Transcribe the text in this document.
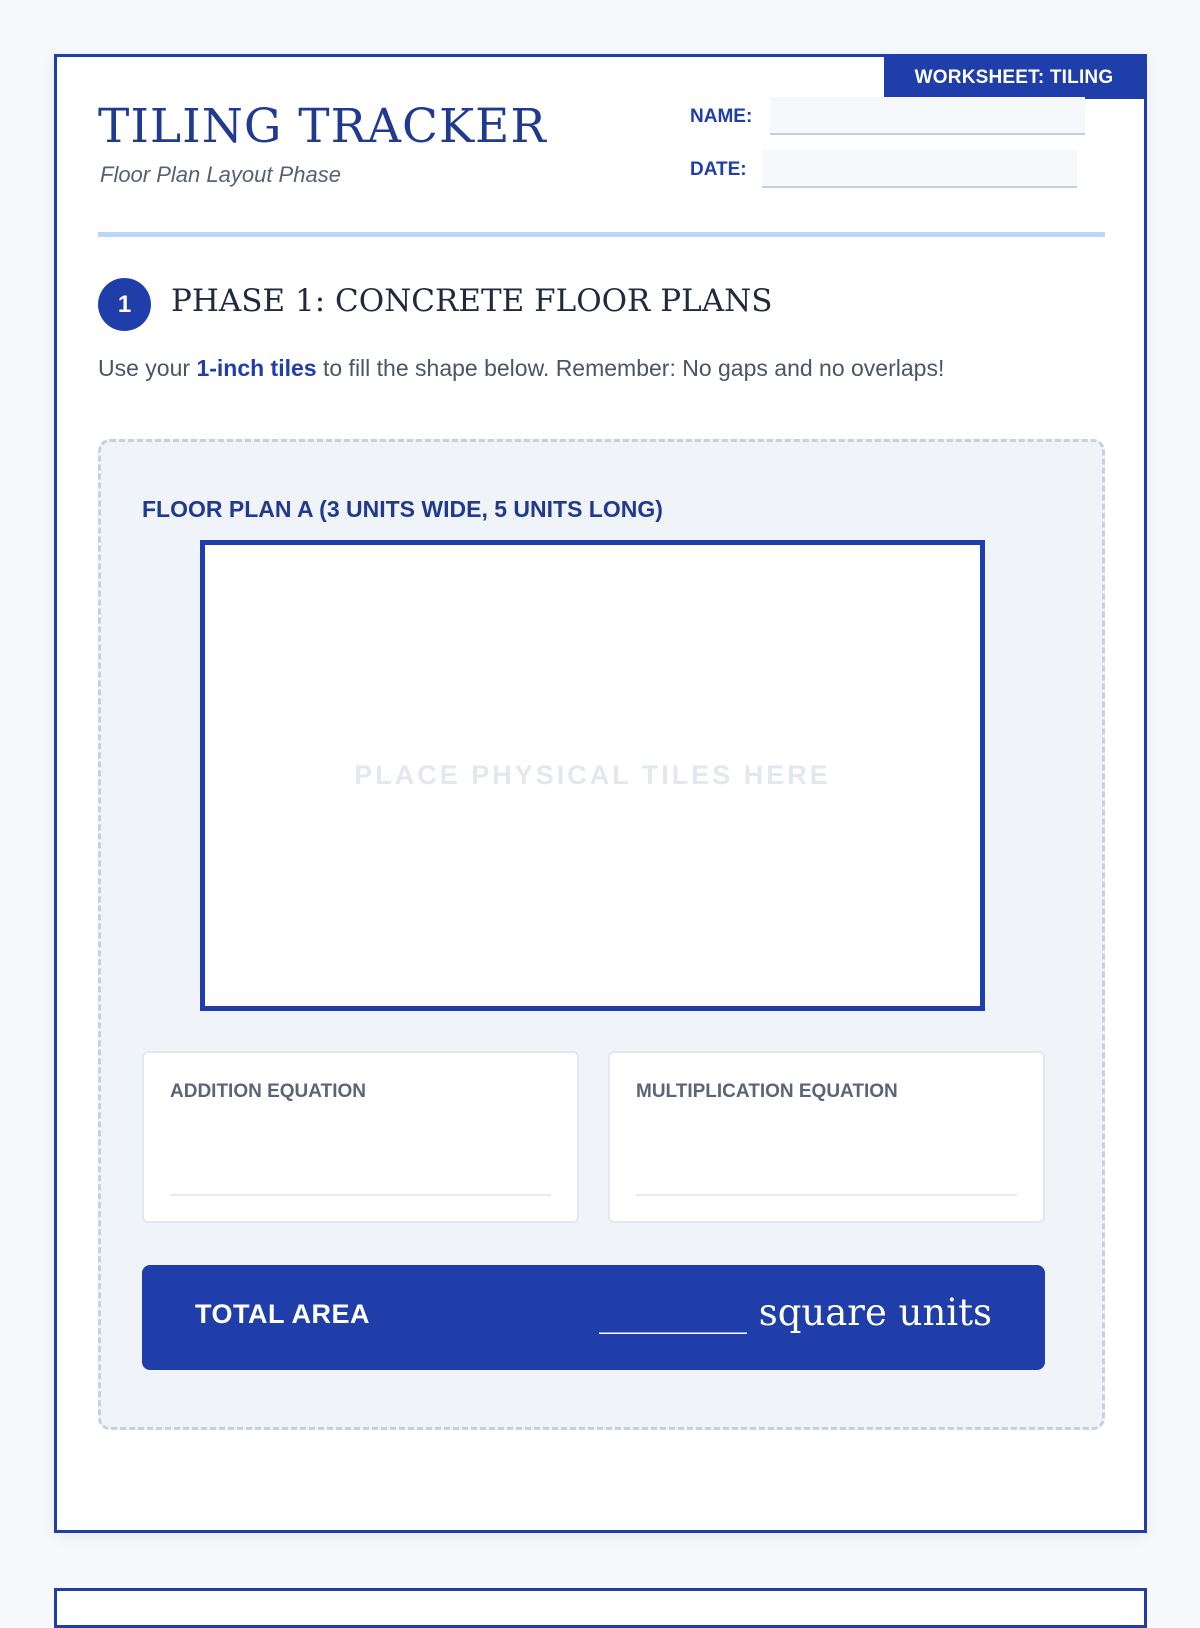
WORKSHEET: TILING
TILING TRACKER
Floor Plan Layout Phase
NAME:
DATE:
1	PHASE 1: CONCRETE FLOOR PLANS
Use your 1-inch tiles to fill the shape below. Remember: No gaps and no overlaps!
FLOOR PLAN A (3 UNITS WIDE, 5 UNITS LONG)
PLACE PHYSICAL TILES HERE
ADDITION EQUATION	MULTIPLICATION EQUATION
TOTAL AREA	________ square units
